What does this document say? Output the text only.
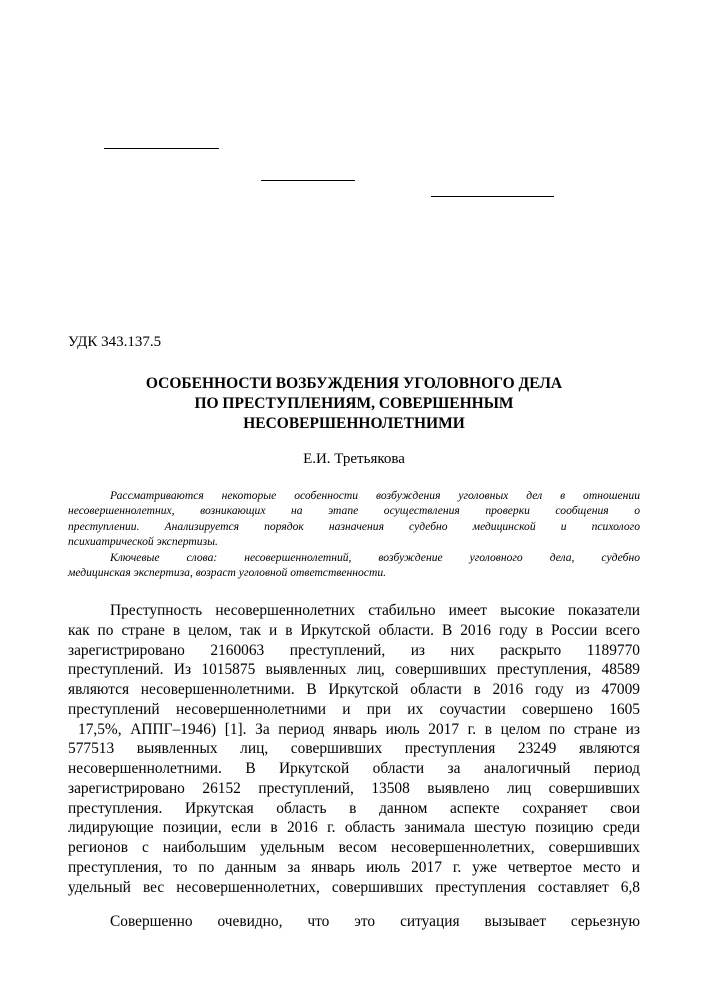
УДК 343.137.5
ОСОБЕННОСТИ ВОЗБУЖДЕНИЯ УГОЛОВНОГО ДЕЛА
ПО ПРЕСТУПЛЕНИЯМ, СОВЕРШЕННЫМ
НЕСОВЕРШЕННОЛЕТНИМИ
Е.И. Третьякова
Рассматриваются некоторые особенности возбуждения уголовных дел в отношении
несовершеннолетних, возникающих на этапе осуществления проверки сообщения о
преступлении. Анализируется порядок назначения судебно медицинской и психолого
психиатрической экспертизы.
Ключевые слова: несовершеннолетний, возбуждение уголовного дела, судебно
медицинская экспертиза, возраст уголовной ответственности.
Преступность несовершеннолетних стабильно имеет высокие показатели
как по стране в целом, так и в Иркутской области. В 2016 году в России всего
зарегистрировано 2160063 преступлений, из них раскрыто 1189770
преступлений. Из 1015875 выявленных лиц, совершивших преступления, 48589
являются несовершеннолетними. В Иркутской области в 2016 году из 47009
преступлений несовершеннолетними и при их соучастии совершено 1605
17,5%, АППГ–1946) [1]. За период январь июль 2017 г. в целом по стране из
577513 выявленных лиц, совершивших преступления 23249 являются
несовершеннолетними. В Иркутской области за аналогичный период
зарегистрировано 26152 преступлений, 13508 выявлено лиц совершивших
преступления. Иркутская область в данном аспекте сохраняет свои
лидирующие позиции, если в 2016 г. область занимала шестую позицию среди
регионов с наибольшим удельным весом несовершеннолетних, совершивших
преступления, то по данным за январь июль 2017 г. уже четвертое место и
удельный вес несовершеннолетних, совершивших преступления составляет 6,8
Совершенно очевидно, что это ситуация вызывает серьезную
